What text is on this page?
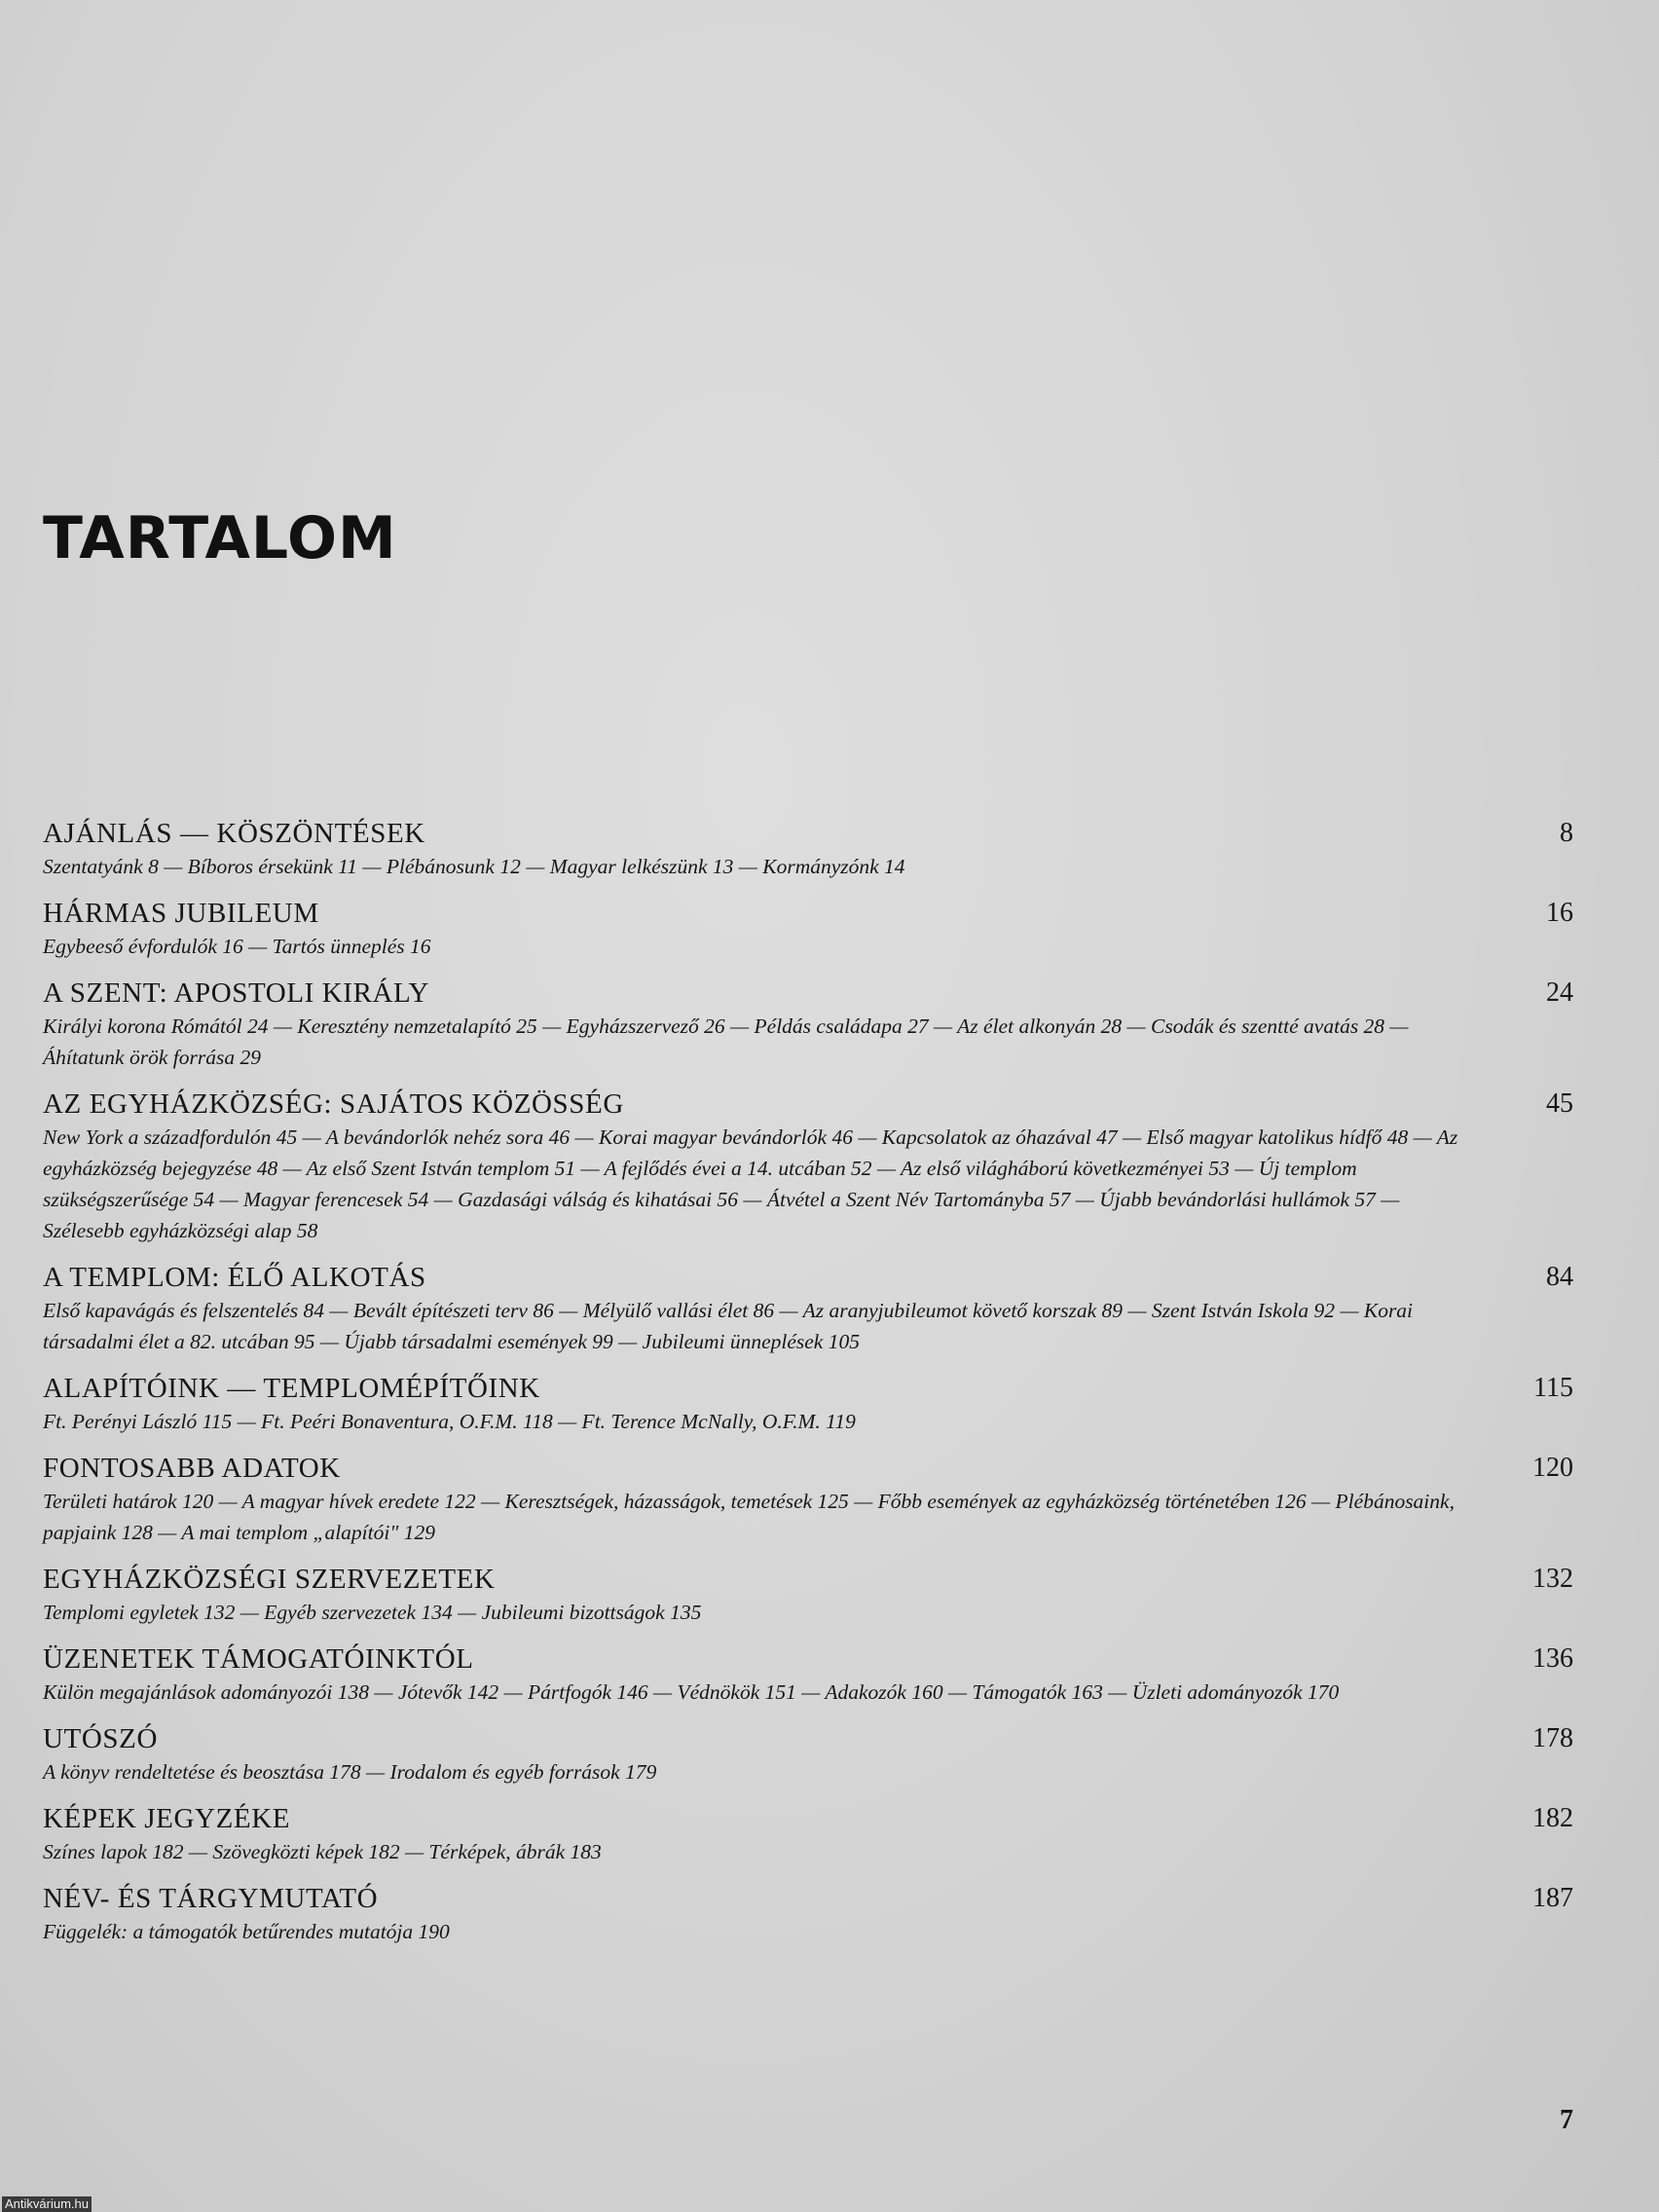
TARTALOM
AJÁNLÁS — KÖSZÖNTÉSEK	8
Szentatyánk 8 — Bíboros érsekünk 11 — Plébánosunk 12 — Magyar lelkészünk 13 — Kormányzónk 14
HÁRMAS JUBILEUM	16
Egybeeső évfordulók 16 — Tartós ünneplés 16
A SZENT: APOSTOLI KIRÁLY	24
Királyi korona Rómától 24 — Keresztény nemzetalapító 25 — Egyházszervező 26 — Példás családapa 27 — Az élet alkonyán 28 — Csodák és szentté avatás 28 — Áhítatunk örök forrása 29
AZ EGYHÁZKÖZSÉG: SAJÁTOS KÖZÖSSÉG	45
New York a századfordulón 45 — A bevándorlók nehéz sora 46 — Korai magyar bevándorlók 46 — Kapcsolatok az óhazával 47 — Első magyar katolikus hídfő 48 — Az egyházközség bejegyzése 48 — Az első Szent István templom 51 — A fejlődés évei a 14. utcában 52 — Az első világháború következményei 53 — Új templom szükségszerűsége 54 — Magyar ferencesek 54 — Gazdasági válság és kihatásai 56 — Átvétel a Szent Név Tartományba 57 — Újabb bevándorlási hullámok 57 — Szélesebb egyházközségi alap 58
A TEMPLOM: ÉLŐ ALKOTÁS	84
Első kapavágás és felszentelés 84 — Bevált építészeti terv 86 — Mélyülő vallási élet 86 — Az aranyjubileumot követő korszak 89 — Szent István Iskola 92 — Korai társadalmi élet a 82. utcában 95 — Újabb társadalmi események 99 — Jubileumi ünneplések 105
ALAPÍTÓINK — TEMPLOMÉPÍTŐINK	115
Ft. Perényi László 115 — Ft. Peéri Bonaventura, O.F.M. 118 — Ft. Terence McNally, O.F.M. 119
FONTOSABB ADATOK	120
Területi határok 120 — A magyar hívek eredete 122 — Keresztségek, házasságok, temetések 125 — Főbb események az egyházközség történetében 126 — Plébánosaink, papjaink 128 — A mai templom „alapítói" 129
EGYHÁZKÖZSÉGI SZERVEZETEK	132
Templomi egyletek 132 — Egyéb szervezetek 134 — Jubileumi bizottságok 135
ÜZENETEK TÁMOGATÓINKTÓL	136
Külön megajánlások adományozói 138 — Jótevők 142 — Pártfogók 146 — Védnökök 151 — Adakozók 160 — Támogatók 163 — Üzleti adományozók 170
UTÓSZÓ	178
A könyv rendeltetése és beosztása 178 — Irodalom és egyéb források 179
KÉPEK JEGYZÉKE	182
Színes lapok 182 — Szövegközti képek 182 — Térképek, ábrák 183
NÉV- ÉS TÁRGYMUTATÓ	187
Függelék: a támogatók betűrendes mutatója 190
7
Antikvárium.hu
